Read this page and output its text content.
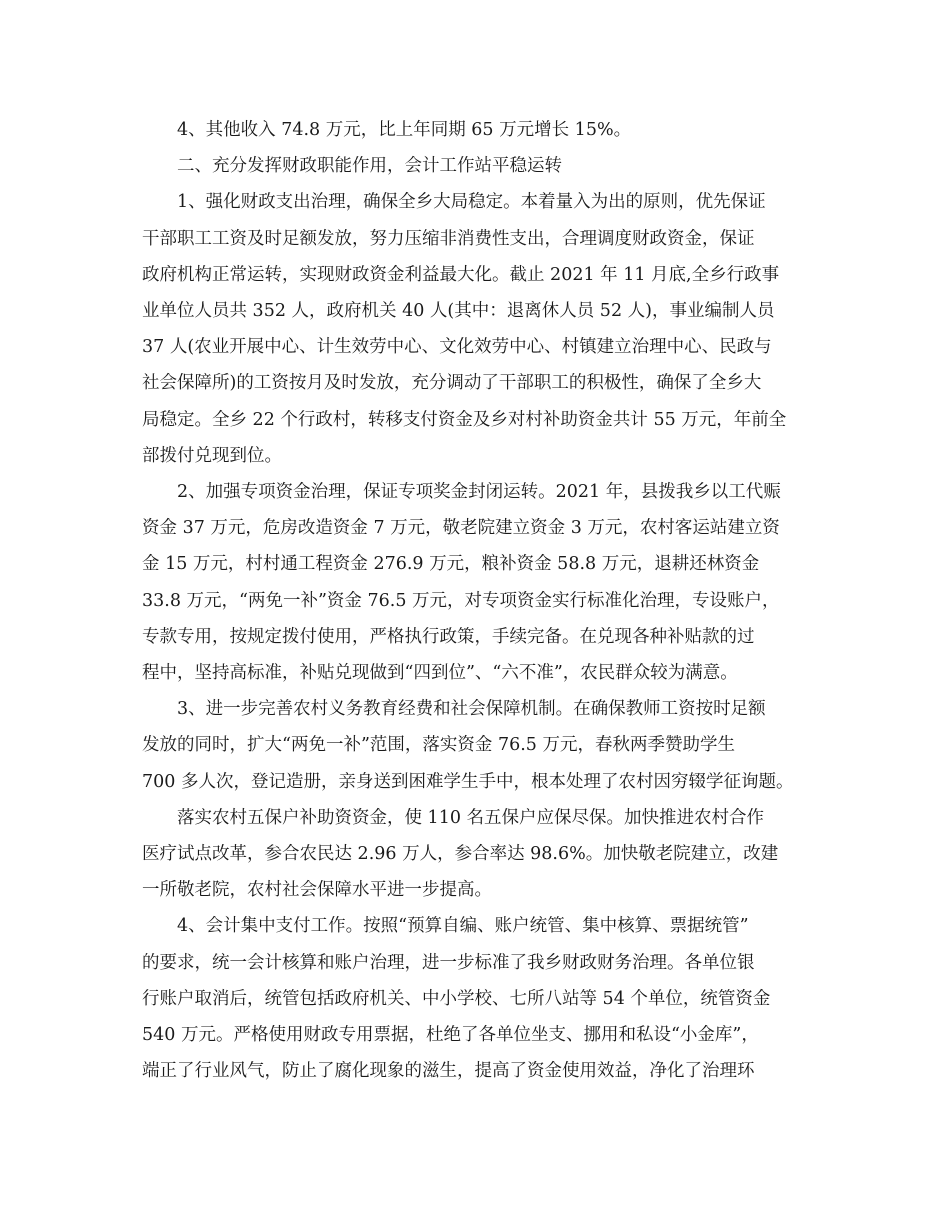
4、其他收入 74.8 万元，比上年同期 65 万元增长 15%。

二、充分发挥财政职能作用，会计工作站平稳运转

1、强化财政支出治理，确保全乡大局稳定。本着量入为出的原则，优先保证
干部职工工资及时足额发放，努力压缩非消费性支出，合理调度财政资金，保证
政府机构正常运转，实现财政资金利益最大化。截止 2021 年 11 月底,全乡行政事
业单位人员共 352 人，政府机关 40 人(其中：退离休人员 52 人)，事业编制人员
37 人(农业开展中心、计生效劳中心、文化效劳中心、村镇建立治理中心、民政与
社会保障所)的工资按月及时发放，充分调动了干部职工的积极性，确保了全乡大
局稳定。全乡 22 个行政村，转移支付资金及乡对村补助资金共计 55 万元，年前全
部拨付兑现到位。

2、加强专项资金治理，保证专项奖金封闭运转。2021 年，县拨我乡以工代赈
资金 37 万元，危房改造资金 7 万元，敬老院建立资金 3 万元，农村客运站建立资
金 15 万元，村村通工程资金 276.9 万元，粮补资金 58.8 万元，退耕还林资金
33.8 万元，“两免一补”资金 76.5 万元，对专项资金实行标准化治理，专设账户，
专款专用，按规定拨付使用，严格执行政策，手续完备。在兑现各种补贴款的过
程中，坚持高标准，补贴兑现做到“四到位”、“六不准”，农民群众较为满意。

3、进一步完善农村义务教育经费和社会保障机制。在确保教师工资按时足额
发放的同时，扩大“两免一补”范围，落实资金 76.5 万元，春秋两季赞助学生
700 多人次，登记造册，亲身送到困难学生手中，根本处理了农村因穷辍学征询题。

落实农村五保户补助资资金，使 110 名五保户应保尽保。加快推进农村合作
医疗试点改革，参合农民达 2.96 万人，参合率达 98.6%。加快敬老院建立，改建
一所敬老院，农村社会保障水平进一步提高。

4、会计集中支付工作。按照“预算自编、账户统管、集中核算、票据统管”
的要求，统一会计核算和账户治理，进一步标准了我乡财政财务治理。各单位银
行账户取消后，统管包括政府机关、中小学校、七所八站等 54 个单位，统管资金
540 万元。严格使用财政专用票据，杜绝了各单位坐支、挪用和私设“小金库”，
端正了行业风气，防止了腐化现象的滋生，提高了资金使用效益，净化了治理环
